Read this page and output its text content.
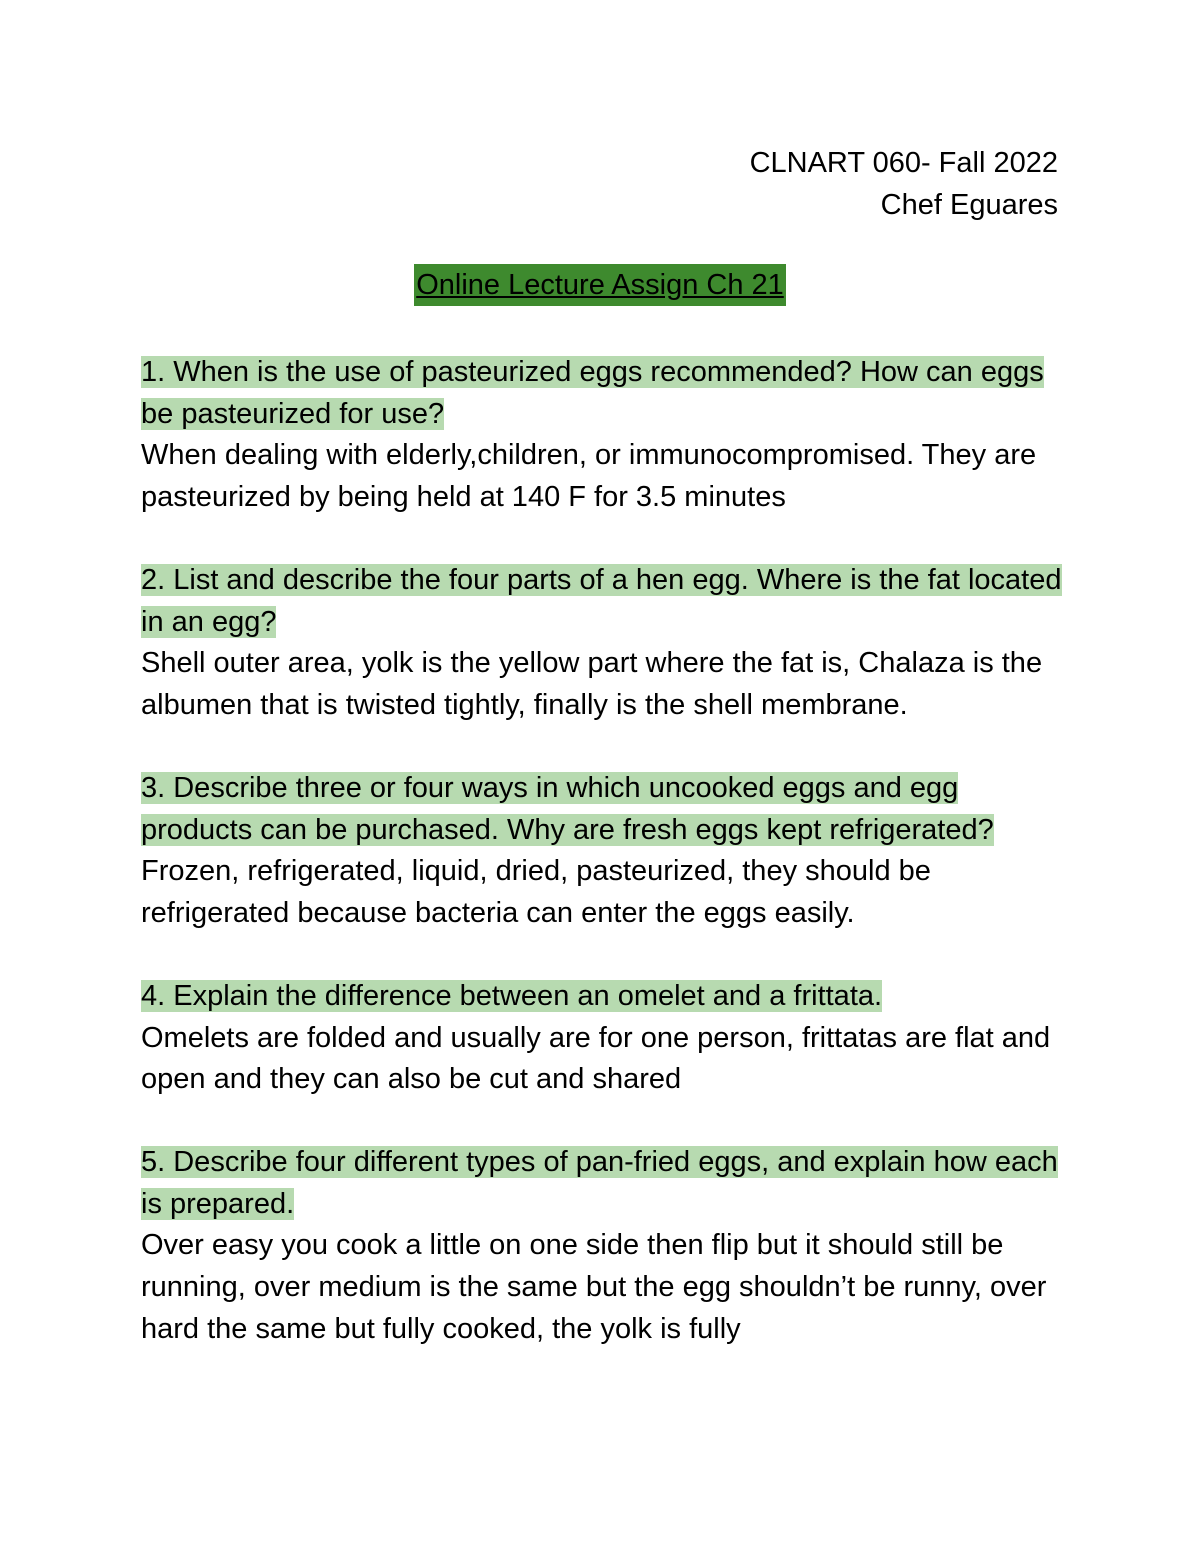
CLNART 060- Fall 2022
Chef Eguares
Online Lecture Assign Ch 21

1. When is the use of pasteurized eggs recommended? How can eggs be pasteurized for use?

When dealing with elderly,children, or immunocompromised. They are pasteurized by being held at 140 F for 3.5 minutes

2. List and describe the four parts of a hen egg. Where is the fat located in an egg?

Shell outer area, yolk is the yellow part where the fat is, Chalaza is the albumen that is twisted tightly, finally is the shell membrane.

3. Describe three or four ways in which uncooked eggs and egg products can be purchased. Why are fresh eggs kept refrigerated?

Frozen, refrigerated, liquid, dried, pasteurized, they should be refrigerated because bacteria can enter the eggs easily.

4. Explain the difference between an omelet and a frittata.

Omelets are folded and usually are for one person, frittatas are flat and open and they can also be cut and shared

5. Describe four different types of pan-fried eggs, and explain how each is prepared.

Over easy you cook a little on one side then flip but it should still be running, over medium is the same but the egg shouldn’t be runny, over hard the same but fully cooked, the yolk is fully
